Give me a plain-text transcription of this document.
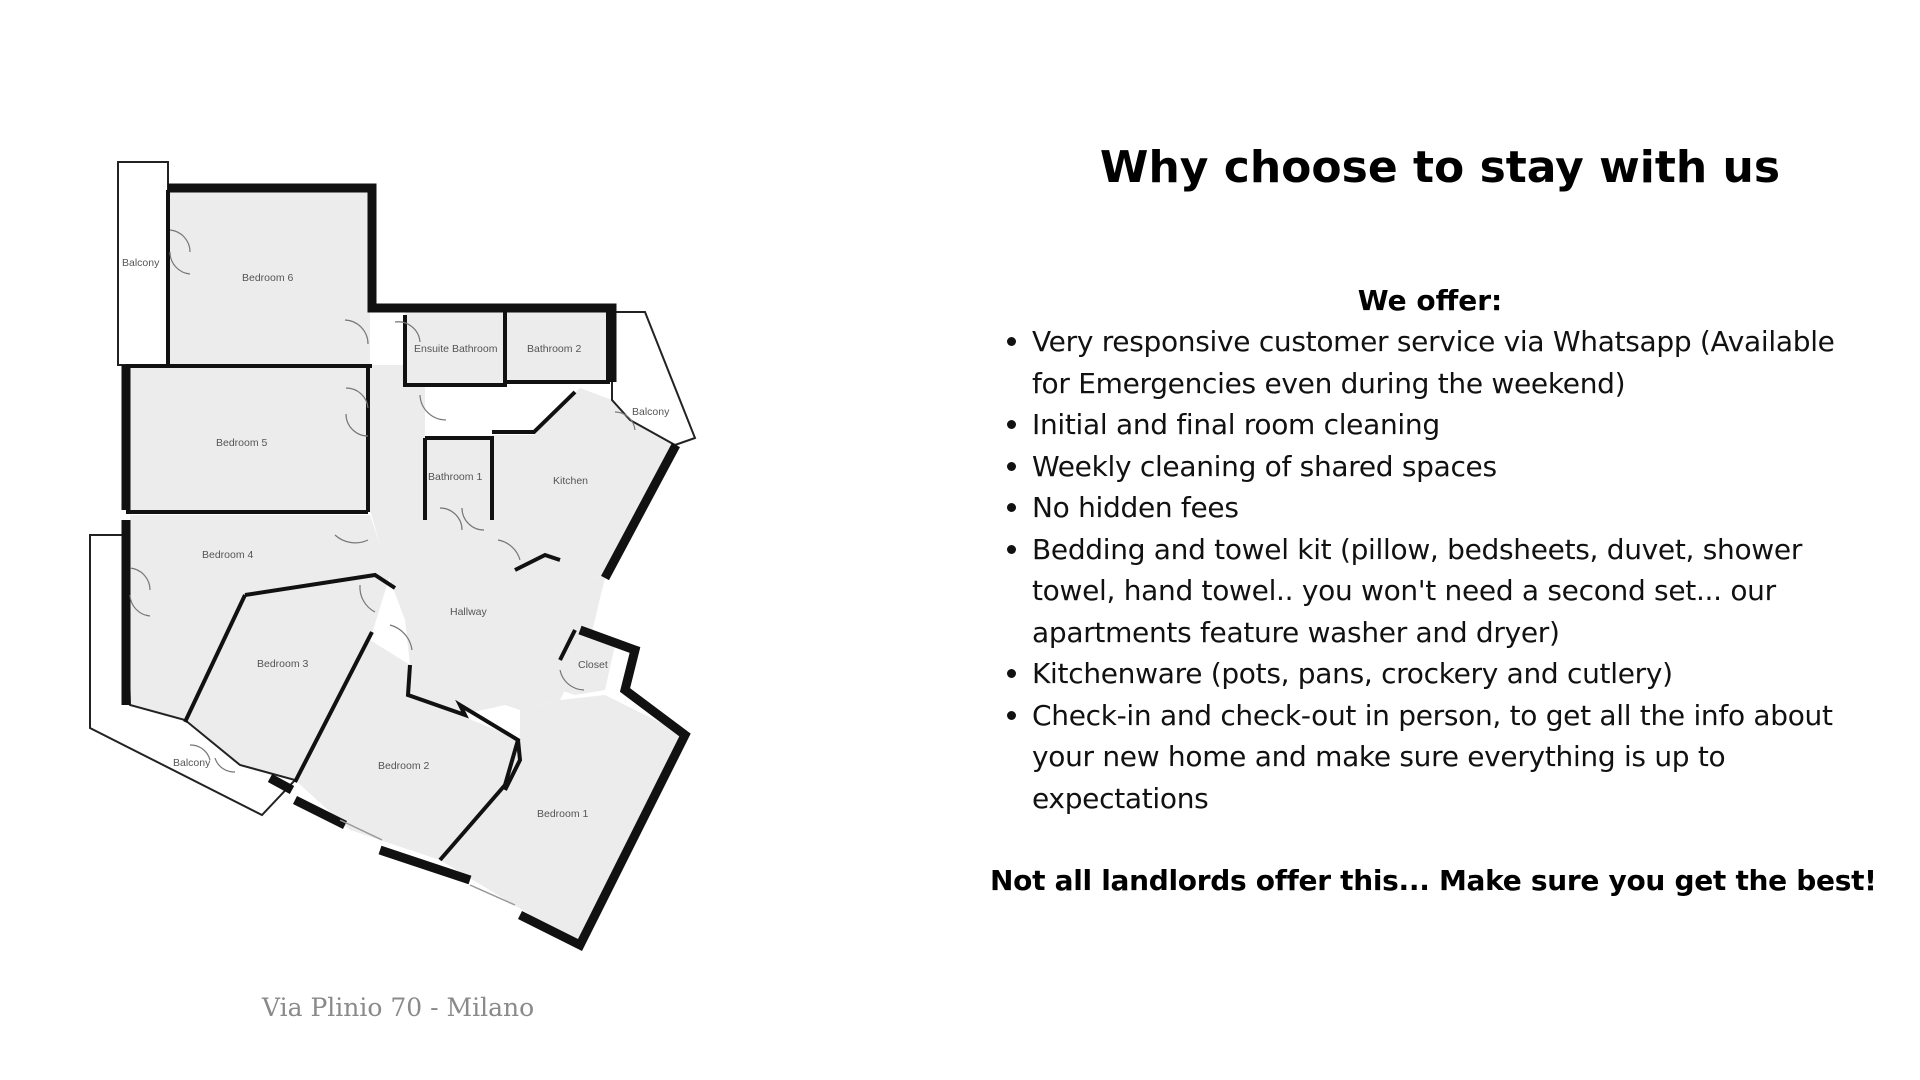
Balcony
Bedroom 6
Ensuite Bathroom	Bathroom 2
Balcony
Bedroom 5
Bathroom 1	Kitchen
Bedroom 4
Hallway
Closet
Bedroom 3
Balcony	Bedroom 2
Bedroom 1
Via Plinio 70 - Milano
Why choose to stay with us
We offer:
Very responsive customer service via Whatsapp (Available for Emergencies even during the weekend)
Initial and final room cleaning
Weekly cleaning of shared spaces
No hidden fees
Bedding and towel kit (pillow, bedsheets, duvet, shower towel, hand towel.. you won't need a second set... our apartments feature washer and dryer)
Kitchenware (pots, pans, crockery and cutlery)
Check-in and check-out in person, to get all the info about your new home and make sure everything is up to expectations
Not all landlords offer this... Make sure you get the best!
